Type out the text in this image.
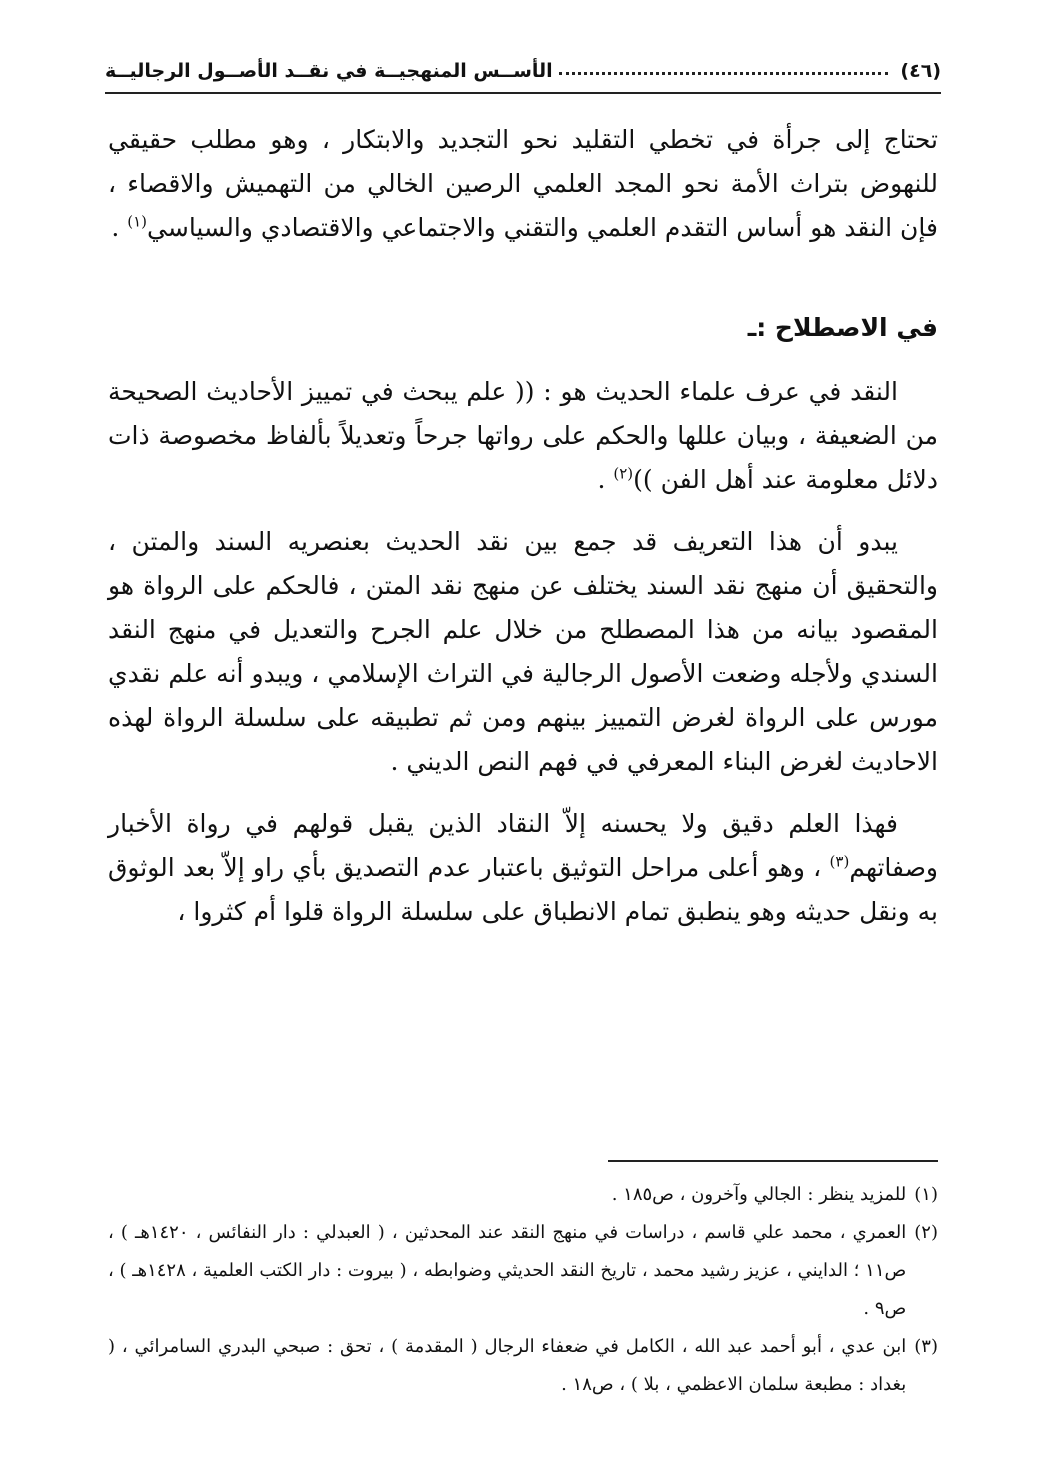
(٤٦)
الأســس المنهجيــة في نقــد الأصــول الرجاليــة

تحتاج إلى جرأة في تخطي التقليد نحو التجديد والابتكار ، وهو مطلب حقيقي للنهوض بتراث الأمة نحو المجد العلمي الرصين الخالي من التهميش والاقصاء ، فإن النقد هو أساس التقدم العلمي والتقني والاجتماعي والاقتصادي والسياسي$^{(١)}$ .

في الاصطلاح :ـ

النقد في عرف علماء الحديث هو : (( علم يبحث في تمييز الأحاديث الصحيحة من الضعيفة ، وبيان عللها والحكم على رواتها جرحاً وتعديلاً بألفاظ مخصوصة ذات دلائل معلومة عند أهل الفن ))$^{(٢)}$ .

يبدو أن هذا التعريف قد جمع بين نقد الحديث بعنصريه السند والمتن ، والتحقيق أن منهج نقد السند يختلف عن منهج نقد المتن ، فالحكم على الرواة هو المقصود بيانه من هذا المصطلح من خلال علم الجرح والتعديل في منهج النقد السندي ولأجله وضعت الأصول الرجالية في التراث الإسلامي ، ويبدو أنه علم نقدي مورس على الرواة لغرض التمييز بينهم ومن ثم تطبيقه على سلسلة الرواة لهذه الاحاديث لغرض البناء المعرفي في فهم النص الديني .

فهذا العلم دقيق ولا يحسنه إلاّ النقاد الذين يقبل قولهم في رواة الأخبار وصفاتهم$^{(٣)}$ ، وهو أعلى مراحل التوثيق باعتبار عدم التصديق بأي راو إلاّ بعد الوثوق به ونقل حديثه وهو ينطبق تمام الانطباق على سلسلة الرواة قلوا أم كثروا ،

(١)
للمزيد ينظر : الجالي وآخرون ، ص١٨٥ .

(٢)
العمري ، محمد علي قاسم ، دراسات في منهج النقد عند المحدثين ، ( العبدلي : دار النفائس ، ١٤٢٠هـ ) ، ص١١ ؛ الدايني ، عزيز رشيد محمد ، تاريخ النقد الحديثي وضوابطه ، ( بيروت : دار الكتب العلمية ، ١٤٢٨هـ ) ، ص٩ .

(٣)
ابن عدي ، أبو أحمد عبد الله ، الكامل في ضعفاء الرجال ( المقدمة ) ، تحق : صبحي البدري السامرائي ، ( بغداد : مطبعة سلمان الاعظمي ، بلا ) ، ص١٨ .
